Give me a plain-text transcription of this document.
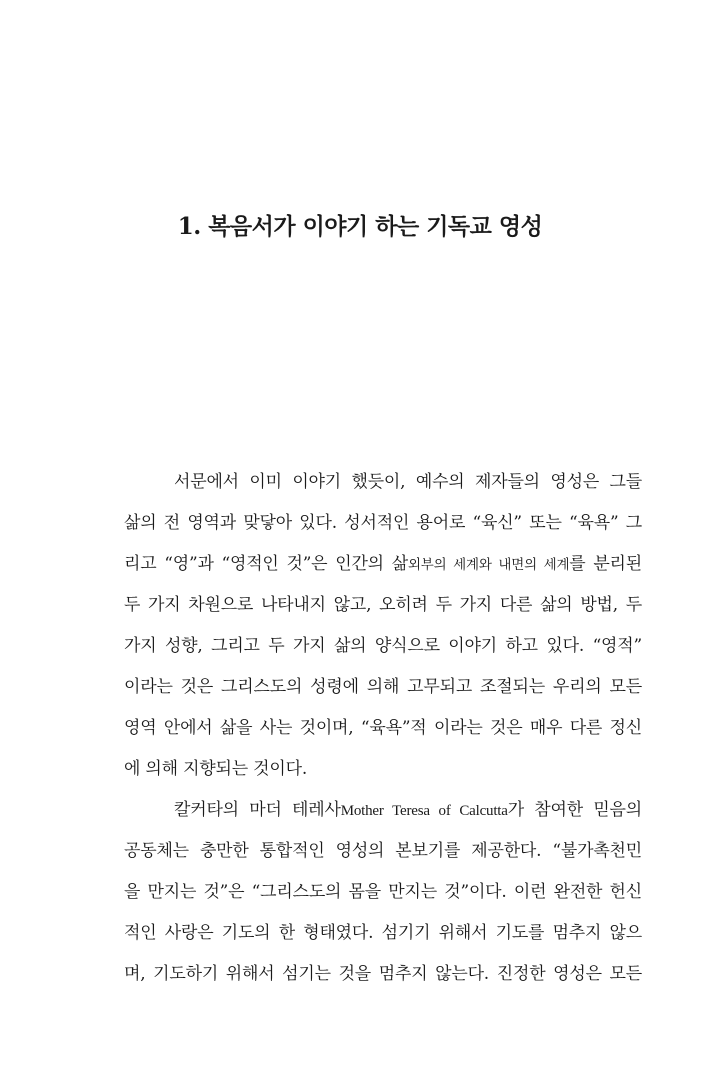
1. 복음서가 이야기 하는 기독교 영성
서문에서 이미 이야기 했듯이, 예수의 제자들의 영성은 그들
삶의 전 영역과 맞닿아 있다. 성서적인 용어로 “육신” 또는 “육욕” 그
리고 “영”과 “영적인 것”은 인간의 삶외부의 세계와 내면의 세계를 분리된
두 가지 차원으로 나타내지 않고, 오히려 두 가지 다른 삶의 방법, 두
가지 성향, 그리고 두 가지 삶의 양식으로 이야기 하고 있다. “영적”
이라는 것은 그리스도의 성령에 의해 고무되고 조절되는 우리의 모든
영역 안에서 삶을 사는 것이며, “육욕”적 이라는 것은 매우 다른 정신
에 의해 지향되는 것이다.
칼커타의 마더 테레사Mother Teresa of Calcutta가 참여한 믿음의
공동체는 충만한 통합적인 영성의 본보기를 제공한다. “불가촉천민
을 만지는 것”은 “그리스도의 몸을 만지는 것”이다. 이런 완전한 헌신
적인 사랑은 기도의 한 형태였다. 섬기기 위해서 기도를 멈추지 않으
며, 기도하기 위해서 섬기는 것을 멈추지 않는다. 진정한 영성은 모든
